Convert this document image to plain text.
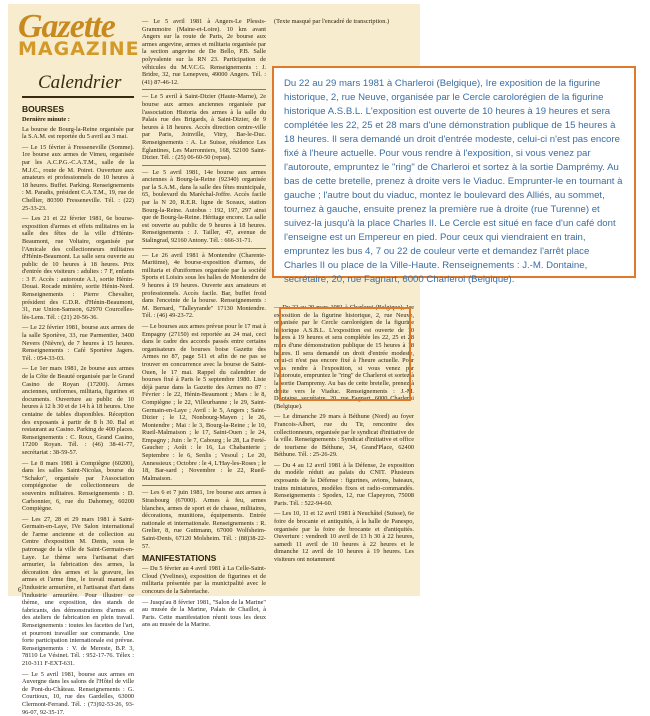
Gazette
MAGAZINE
Calendrier

BOURSES

Dernière minute :

La bourse de Bourg-la-Reine organisée par la S.A.M. est reportée du 5 avril au 3 mai.

— Le 15 février à Fresseneville (Somme). 1re bourse aux armes de Vimeu, organisée par les A.C.P.G.-C.A.T.M., salle de la M.J.C., route de M. Poiret. Ouverture aux amateurs et professionnels de 10 heures à 18 heures. Buffet. Parking. Renseignements : M. Paradis, président C.A.T.M., 19, rue de Chellier, 80390 Fresseneville. Tél. : (22) 25-33-23.

— Les 21 et 22 février 1981, 6e bourse-exposition d'armes et effets militaires en la salle des fêtes de la ville d'Hénin-Beaumont, rue Voltaire, organisée par l'Amicale des collectionneurs militaires d'Hénin-Beaumont. La salle sera ouverte au public de 10 heures à 18 heures. Prix d'entrée des visiteurs : adultes : 7 F, enfants : 3 F. Accès : autoroute A.1, sortie Hénin-Douai. Rocade minière, sortie Hénin-Nord. Renseignements : Pierre Chevalier, président des C.D.R. d'Hénin-Beaumont, 31, rue Union-Samson, 62970 Courcelles-lès-Lens. Tél. : (21) 20-56-36.

— Le 22 février 1981, bourse aux armes de la salle Sportève, 33, rue Parmentier, 3400 Nevers (Nièvre), de 7 heures à 15 heures. Renseignements : Café Sportève Jagers. Tél. : 054-33-03.

— Le 1er mars 1981, 2e bourse aux armes de la Côte de Beauté organisée par le Grand Casino de Royan (17200). Armes anciennes, uniformes, militaria, figurines et documents. Ouverture au public de 10 heures à 12 h 30 et de 14 h à 18 heures. Une centaine de tables disponibles. Réception des exposants à partir de 8 h 30. Bal et restaurant au Casino. Parking de 400 places. Renseignements : C. Roux, Grand Casino, 17200 Royan. Tél. : (46) 38-41-77, secrétariat : 38-59-57.

— Le 8 mars 1981 à Compiègne (60200), dans les salles Saint-Nicolas, bourse du "Schako", organisée par l'Association compiégnoise de collectionneurs de souvenirs militaires. Renseignements : D. Carbonnier, 6, rue du Dahomey, 60200 Compiègne.

— Les 27, 28 et 29 mars 1981 à Saint-Germain-en-Laye, IVe Salon international de l'arme ancienne et de collection au Centre d'exposition M. Denis, sous le patronage de la ville de Saint-Germain-en-Laye. Le thème sera l'artisanat d'art armurier, la fabrication des armes, la décoration des armes et la gravure, les armes et l'arme fine, le travail manuel et l'industrie armurière, et l'artisanat d'art dans l'industrie armurière. Pour illustrer ce thème, une exposition, des stands de fabricants, des démonstrations d'armes et des ateliers de fabrication en plein travail. Renseignements : toutes les facettes de l'art, et pourront travailler sur commande. Une forte participation internationale est prévue. Renseignements : V. de Mereste, B.P. 3, 78110 Le Vésinet. Tél. : 952-17-76. Télex : 210-311 F-EXT-631.

— Le 5 avril 1981, bourse aux armes en Auvergne dans les salons de l'Hôtel de ville de Pont-du-Château. Renseignements : G. Courtioux, 10, rue des Gardelles, 63000 Clermont-Ferrand. Tél. : (73)92-53-26, 93-96-07, 92-35-17.

— Le 5 avril 1981 à Angers-Le Plessis-Grammoire (Maine-et-Loire). 10 km avant Angers sur la route de Paris, 2e bourse aux armes angevine, armes et militaria organisée par la section angevine de De Bello, P.B. Salle polyvalente sur la RN 23. Participation de véhicules du M.V.C.G. Renseignements : J. Bridre, 32, rue Lenepveu, 49000 Angers. Tél. : (41) 87-46-12.

— Le 5 avril à Saint-Dizier (Haute-Marne), 2e bourse aux armes anciennes organisée par l'association Historia des armes à la salle du Palais rue des Brigards, à Saint-Dizier, de 9 heures à 18 heures. Accès direction centre-ville par Paris, Joinville, Vitry, Bar-le-Duc. Renseignements : A. Le Suisse, résidence Les Églantines, Les Marronniers, 168, 52100 Saint-Dizier. Tél. : (25) 06-60-50 (repas).

— Le 5 avril 1981, 14e bourse aux armes anciennes à Bourg-la-Reine (92340) organisée par la S.A.M., dans la salle des fêtes municipale, 65, boulevard du Maréchal-Joffre. Accès facile par la N 20, R.E.R. ligne de Sceaux, station Bourg-la-Reine. Autobus : 192, 197, 297 ainsi que de Bourg-la-Reine. Héritage encore. La salle est ouverte au public de 9 heures à 18 heures. Renseignements : J. Tailler, 47, avenue de Stalingrad, 92160 Antony. Tél. : 666-31-71.

— Le 26 avril 1981 à Montendre (Charente-Maritime), 4e bourse-exposition d'armes, de militaria et d'uniformes organisée par la société Sports et Loisirs sous les halles de Montendre de 9 heures à 19 heures. Ouverte aux amateurs et professionnels. Accès facile. Bar, buffet froid dans l'enceinte de la bourse. Renseignements : M. Bernard, "Talleyrande" 17130 Montendre. Tél. : (46) 49-23-72.

— Le bourses aux armes prévue pour le 17 mai à Empagny (27150) est reportée au 24 mai, ceci dans le cadre des accords passés entre certains organisateurs de bourses boise Gazette des Armes no 87, page 511 et afin de ne pas se trouver en concurrence avec la bourse de Saint-Ouen, le 17 mai. Rappel du calendrier de bourses fixé à Paris le 5 septembre 1980. Liste déjà parue dans la Gazette des Armes no 87 : Février : le 22, Hénin-Beaumont ; Mars : le 8, Compiègne ; le 22, Villeurbanne ; le 29, Saint-Germain-en-Laye ; Avril : le 5, Angers ; Saint-Dizier ; le 12, Nonbourg-Mayen ; le 26, Montendre ; Mai : le 3, Bourg-la-Reine ; le 10, Rueil-Malmaison ; le 17, Saint-Ouen ; le 24, Empagny ; Juin : le 7, Cabourg ; le 28, La Ferté-Gaucher ; Août : le 16, La Chabanterie ; Septembre : le 6, Senlis ; Vesoul ; Le 20, Annessieux ; Octobre : le 4, L'Hay-les-Roses ; le 18, Bar-sard ; Novembre : le 22, Rueil-Malmaison.

— Les 6 et 7 juin 1981, 1re bourse aux armes à Strasbourg (67000). Armes à feu, armes blanches, armes de sport et de chasse, militaires, décorations, munitions, équipements. Entrée nationale et internationale. Renseignements : R. Grelier, 8, rue Guttmann, 67000 Wolfsheim-Saint-Denis, 67120 Molsheim. Tél. : (88)38-22-57.

MANIFESTATIONS

— Du 5 février au 4 avril 1981 à La Celle-Saint-Cloud (Yvelines), exposition de figurines et de militaria présentée par la municipalité avec le concours de la Sabretache.

— Jusqu'au 8 février 1981, "Salon de la Marine" au musée de la Marine, Palais de Chaillot, à Paris. Cette manifestation réunit tous les deux ans au musée de la Marine.

(Texte masqué par l'encadré de transcription.)

— Du 22 au 29 mars 1981 à Charleroi (Belgique), 1re exposition de la figurine historique, 2, rue Neuve, organisée par le Cercle carolorégien de la figurine historique A.S.B.L. L'exposition est ouverte de 10 heures à 19 heures et sera complétée les 22, 25 et 28 mars d'une démonstration publique de 15 heures à 18 heures. Il sera demandé un droit d'entrée modeste, celui-ci n'est pas encore fixé à l'heure actuelle. Pour vous rendre à l'exposition, si vous venez par l'autoroute, empruntez le "ring" de Charleroi et sortez à la sortie Dampremy. Au bas de cette bretelle, prenez à droite vers le Viaduc. Renseignements : J.-M. Dontaine, secrétaire, 20, rue Fagnart, 6000 Charleroi (Belgique).

— Le dimanche 29 mars à Béthune (Nord) au foyer Francois-Albert, rue du Tir, rencontre des collectionneurs, organisée par le syndicat d'initiative de la ville. Renseignements : Syndicat d'initiative et office de tourisme de Béthune, 34, Grand'Place, 62400 Béthune. Tél. : 25-26-29.

— Du 4 au 12 avril 1981 à la Défense, 2e exposition du modèle réduit au palais du CNIT. Plusieurs exposants de la Défense : figurines, avions, bateaux, trains miniatures, modèles fixes et radio-commandés. Renseignements : Spodex, 12, rue Clapeyron, 75008 Paris. Tél. : 522-94-60.

— Les 10, 11 et 12 avril 1981 à Neuchâtel (Suisse), 6e foire de brocante et antiquités, à la halle de Panespo, organisée par la foire de brocante et d'antiquités. Ouverture : vendredi 10 avril de 13 h 30 à 22 heures, samedi 11 avril de 10 heures à 22 heures et le dimanche 12 avril de 10 heures à 19 heures. Les visiteurs ont notamment

6
Du 22 au 29 mars 1981 à Charleroi (Belgique), Ire exposition de la figurine historique, 2, rue Neuve, organisée par le Cercle carolorégien de la figurine historique A.S.B.L. L'exposition est ouverte de 10 heures à 19 heures et sera complétée les 22, 25 et 28 mars d'une démonstration publique de 15 heures à 18 heures. Il sera demandé un droit d'entrée modeste, celui-ci n'est pas encore fixé à l'heure actuelle. Pour vous rendre à l'exposition, si vous venez par l'autoroute, empruntez le "ring" de Charleroi et sortez à la sortie Damprémy. Au bas de cette bretelle, prenez à droite vers le Viaduc. Emprunter-le en tournant à gauche ; l'autre bout du viaduc, montez le boulevard des Alliés, au sommet, tournez à gauche, ensuite prenez la première rue à droite (rue Turenne) et suivez-la jusqu'à la place Charles II. Le Cercle est situé en face d'un café dont l'enseigne est un Empereur en pied. Pour ceux qui viendraient en train, empruntez les bus 4, 7 ou 22 de couleur verte et demandez l'arrêt place Charles II ou place de la Ville-Haute. Renseignements : J.-M. Dontaine, secrétaire, 20, rue Fagnart, 6000 Charleroi (Belgique).
